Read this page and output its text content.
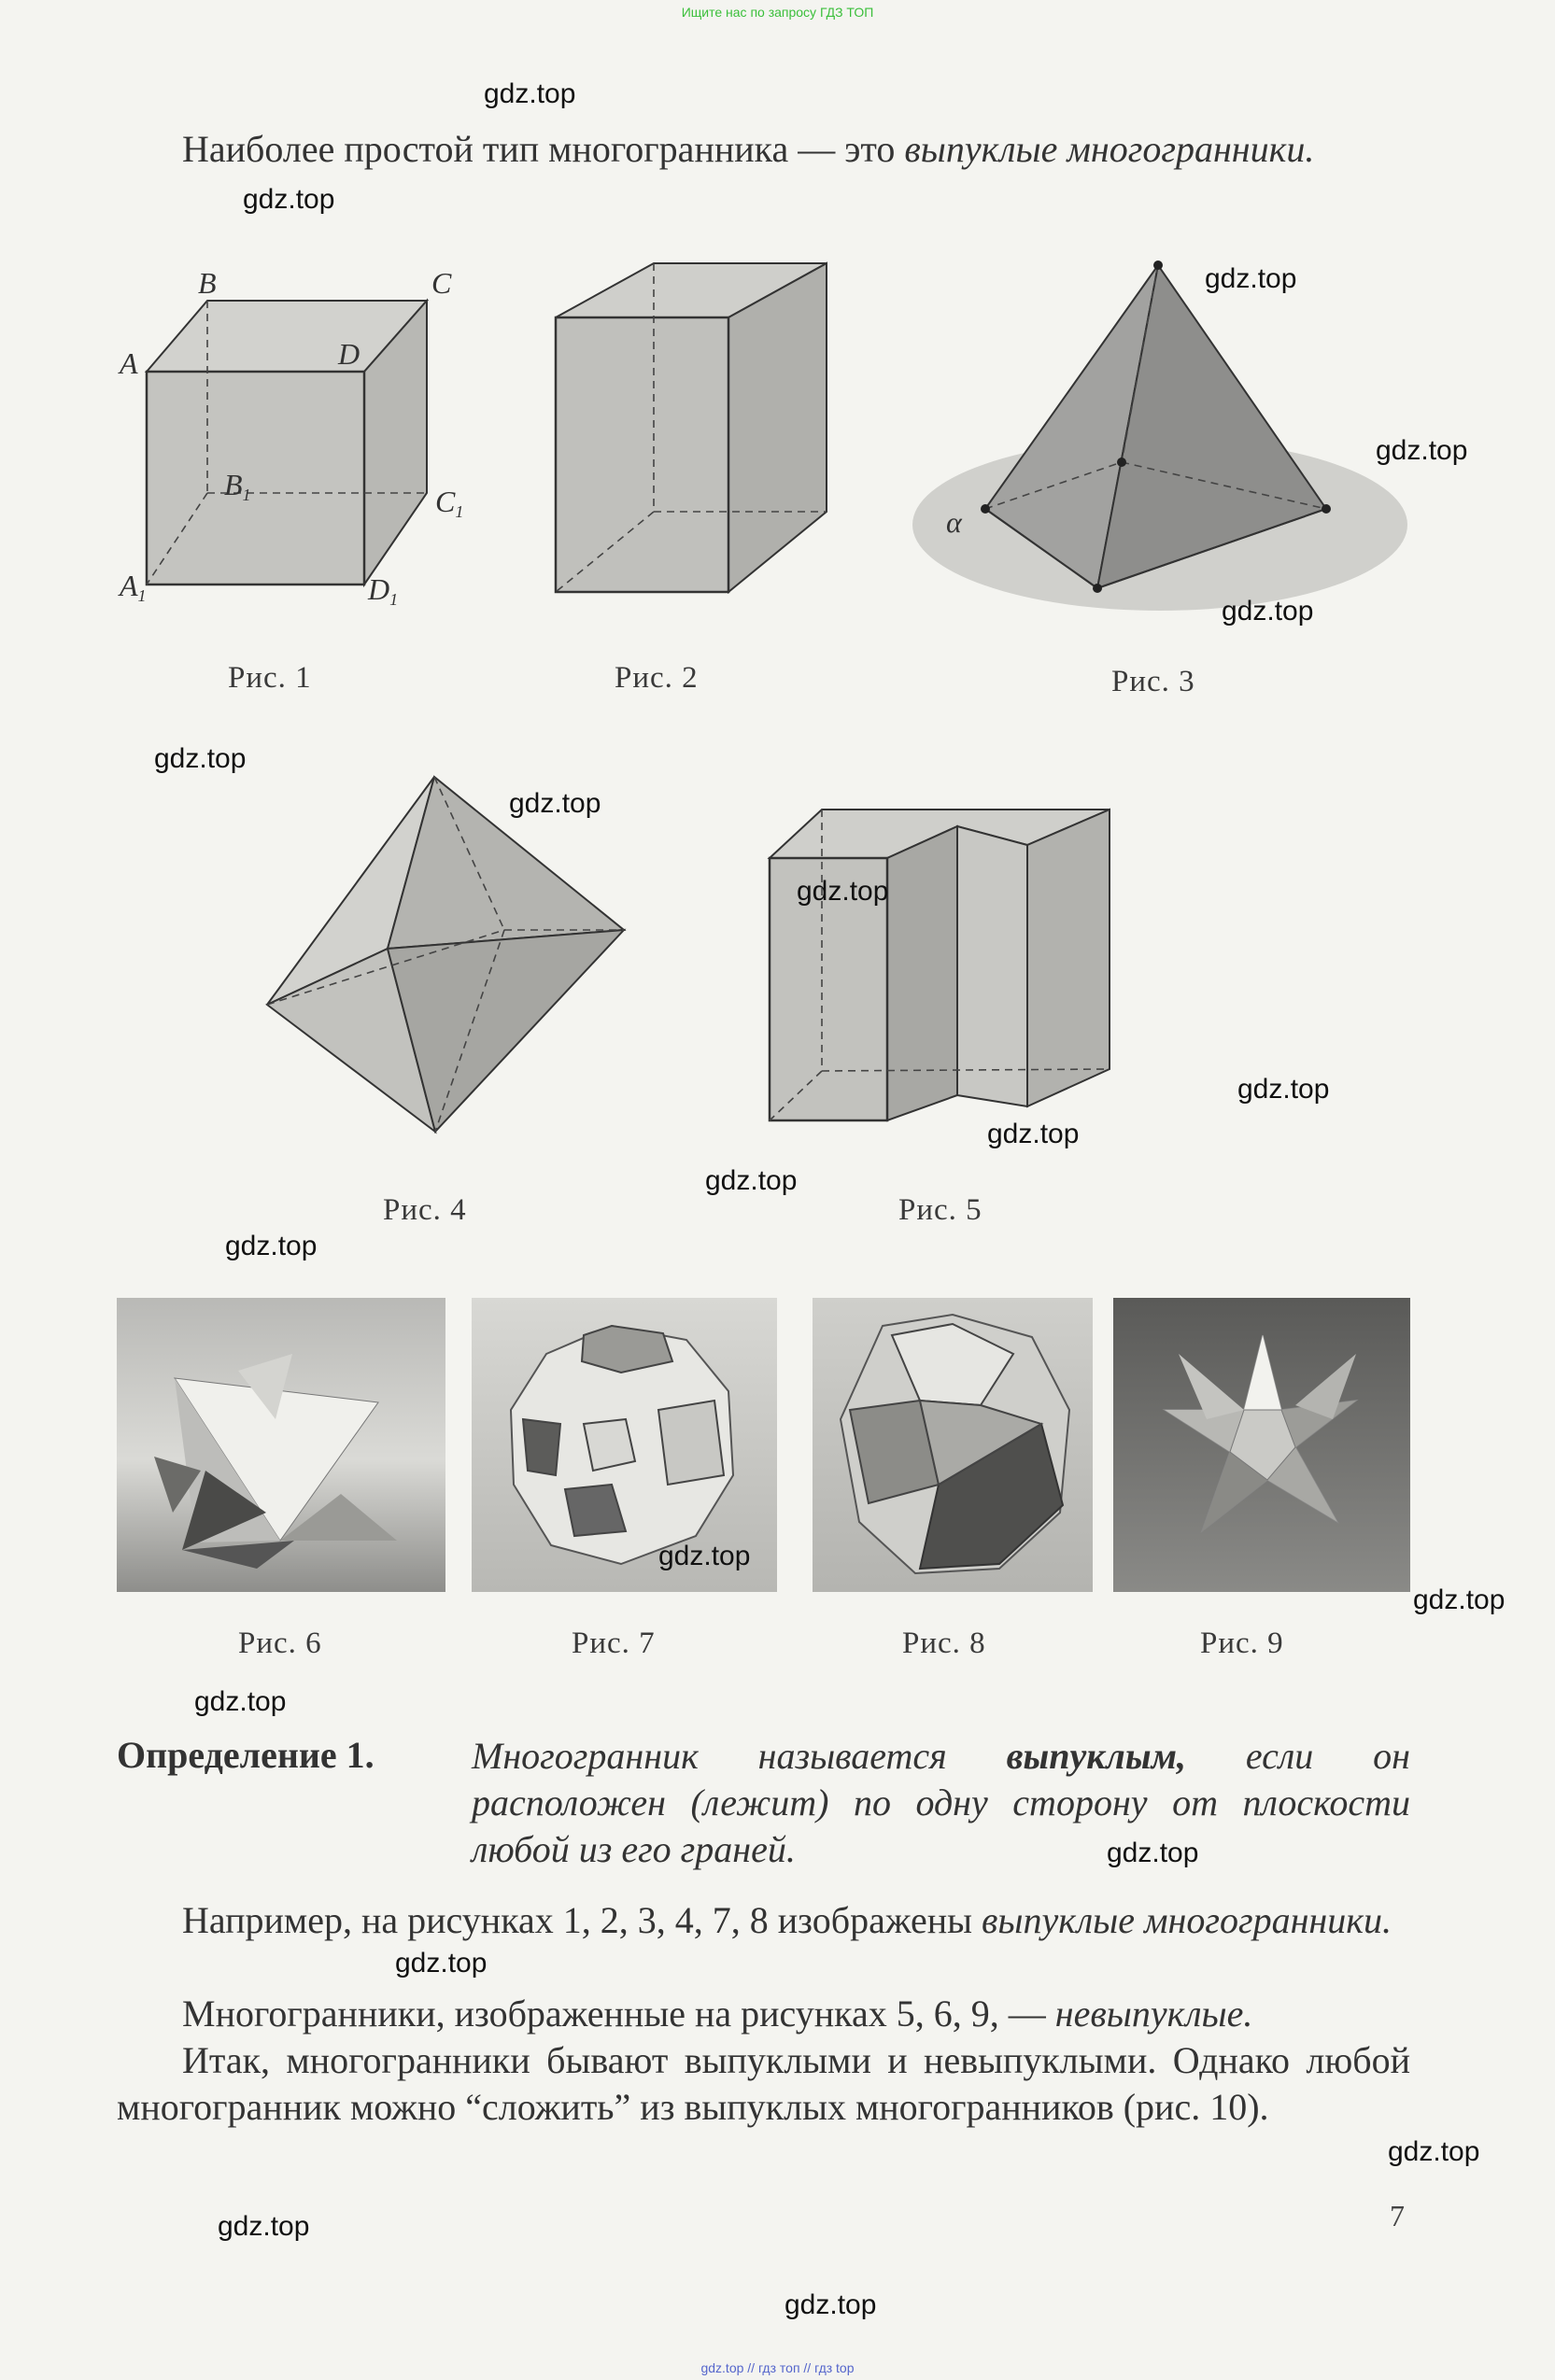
Ищите нас по запросу ГДЗ ТОП
Наиболее простой тип многогранника — это выпуклые многогранники.
B	C
A	D
B1	C1
A1	D1
Рис. 1	Рис. 2
α
Рис. 3
Рис. 4	Рис. 5
Рис. 6	Рис. 7	Рис. 8	Рис. 9
Определение 1.	Многогранник называется выпуклым, если он расположен (лежит) по одну сторону от плоскости любой из его граней.
Например, на рисунках 1, 2, 3, 4, 7, 8 изображены выпуклые многогранники.
Многогранники, изображенные на рисунках 5, 6, 9, — невыпуклые.
Итак, многогранники бывают выпуклыми и невыпуклыми. Однако любой многогранник можно “сложить” из выпуклых многогранников (рис. 10).
7
gdz.top
gdz.top
gdz.top
gdz.top
gdz.top
gdz.top
gdz.top
gdz.top
gdz.top
gdz.top
gdz.top
gdz.top
gdz.top
gdz.top
gdz.top
gdz.top
gdz.top
gdz.top
gdz.top
gdz.top
gdz.top // гдз топ // гдз top
